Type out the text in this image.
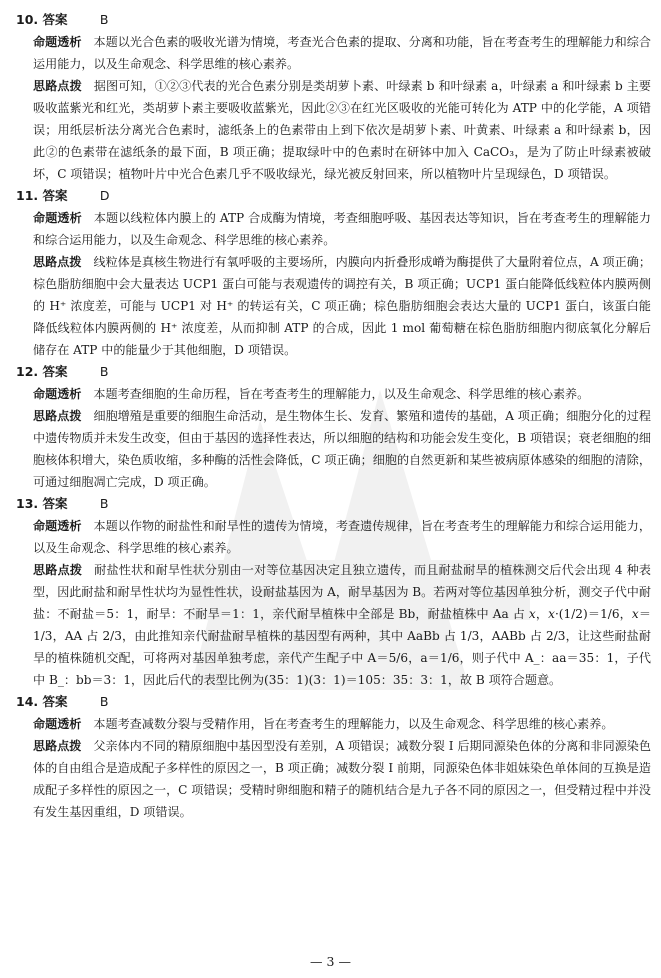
10. 答案	B

命题透析 本题以光合色素的吸收光谱为情境，考查光合色素的提取、分离和功能，旨在考查考生的理解能力和综合运用能力，以及生命观念、科学思维的核心素养。

思路点拨 据图可知，①②③代表的光合色素分别是类胡萝卜素、叶绿素 b 和叶绿素 a，叶绿素 a 和叶绿素 b 主要吸收蓝紫光和红光，类胡萝卜素主要吸收蓝紫光，因此②③在红光区吸收的光能可转化为 ATP 中的化学能，A 项错误；用纸层析法分离光合色素时，滤纸条上的色素带由上到下依次是胡萝卜素、叶黄素、叶绿素 a 和叶绿素 b，因此②的色素带在滤纸条的最下面，B 项正确；提取绿叶中的色素时在研钵中加入 CaCO₃，是为了防止叶绿素被破坏，C 项错误；植物叶片中光合色素几乎不吸收绿光，绿光被反射回来，所以植物叶片呈现绿色，D 项错误。

11. 答案	D

命题透析 本题以线粒体内膜上的 ATP 合成酶为情境，考查细胞呼吸、基因表达等知识，旨在考查考生的理解能力和综合运用能力，以及生命观念、科学思维的核心素养。

思路点拨 线粒体是真核生物进行有氧呼吸的主要场所，内膜向内折叠形成嵴为酶提供了大量附着位点，A 项正确；棕色脂肪细胞中会大量表达 UCP1 蛋白可能与表观遗传的调控有关，B 项正确；UCP1 蛋白能降低线粒体内膜两侧的 H⁺ 浓度差，可能与 UCP1 对 H⁺ 的转运有关，C 项正确；棕色脂肪细胞会表达大量的 UCP1 蛋白，该蛋白能降低线粒体内膜两侧的 H⁺ 浓度差，从而抑制 ATP 的合成，因此 1 mol 葡萄糖在棕色脂肪细胞内彻底氧化分解后储存在 ATP 中的能量少于其他细胞，D 项错误。

12. 答案	B

命题透析 本题考查细胞的生命历程，旨在考查考生的理解能力，以及生命观念、科学思维的核心素养。

思路点拨 细胞增殖是重要的细胞生命活动，是生物体生长、发育、繁殖和遗传的基础，A 项正确；细胞分化的过程中遗传物质并未发生改变，但由于基因的选择性表达，所以细胞的结构和功能会发生变化，B 项错误；衰老细胞的细胞核体积增大，染色质收缩，多种酶的活性会降低，C 项正确；细胞的自然更新和某些被病原体感染的细胞的清除，可通过细胞凋亡完成，D 项正确。

13. 答案	B

命题透析 本题以作物的耐盐性和耐旱性的遗传为情境，考查遗传规律，旨在考查考生的理解能力和综合运用能力，以及生命观念、科学思维的核心素养。

思路点拨 耐盐性状和耐旱性状分别由一对等位基因决定且独立遗传，而且耐盐耐旱的植株测交后代会出现 4 种表型，因此耐盐和耐旱性状均为显性性状，设耐盐基因为 A，耐旱基因为 B。若两对等位基因单独分析，测交子代中耐盐：不耐盐＝5：1，耐旱：不耐旱＝1：1，亲代耐旱植株中全部是 Bb，耐盐植株中 Aa 占 x，x·(1/2)＝1/6，x＝1/3，AA 占 2/3，由此推知亲代耐盐耐旱植株的基因型有两种，其中 AaBb 占 1/3，AABb 占 2/3，让这些耐盐耐旱的植株随机交配，可将两对基因单独考虑，亲代产生配子中 A＝5/6，a＝1/6，则子代中 A_：aa＝35：1，子代中 B_：bb＝3：1，因此后代的表型比例为(35：1)(3：1)＝105：35：3：1，故 B 项符合题意。

14. 答案	B

命题透析 本题考查减数分裂与受精作用，旨在考查考生的理解能力，以及生命观念、科学思维的核心素养。

思路点拨 父亲体内不同的精原细胞中基因型没有差别，A 项错误；减数分裂 Ⅰ 后期同源染色体的分离和非同源染色体的自由组合是造成配子多样性的原因之一，B 项正确；减数分裂 Ⅰ 前期，同源染色体非姐妹染色单体间的互换是造成配子多样性的原因之一，C 项错误；受精时卵细胞和精子的随机结合是九子各不同的原因之一，但受精过程中并没有发生基因重组，D 项错误。

— 3 —
